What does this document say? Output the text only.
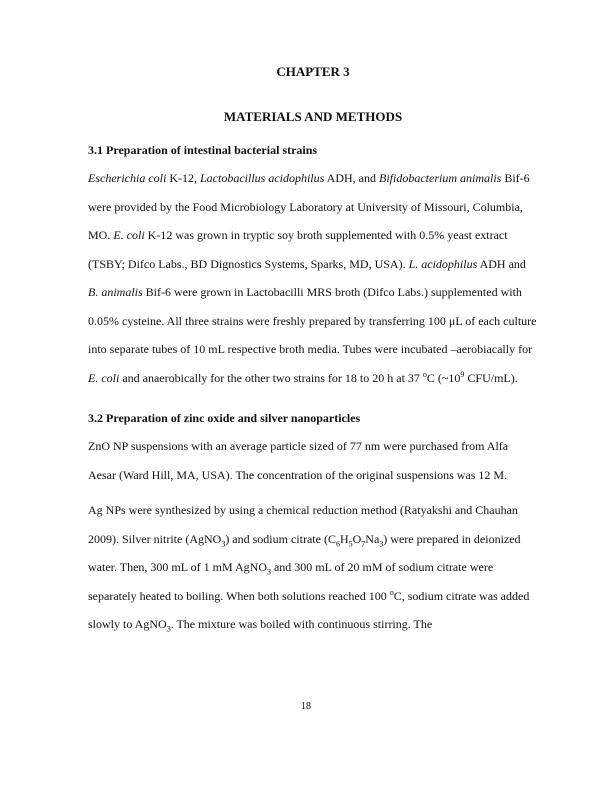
CHAPTER 3
MATERIALS AND METHODS
3.1 Preparation of intestinal bacterial strains

Escherichia coli K-12, Lactobacillus acidophilus ADH, and Bifidobacterium animalis Bif-6 were provided by the Food Microbiology Laboratory at University of Missouri, Columbia, MO. E. coli K-12 was grown in tryptic soy broth supplemented with 0.5% yeast extract (TSBY; Difco Labs., BD Dignostics Systems, Sparks, MD, USA). L. acidophilus ADH and B. animalis Bif-6 were grown in Lactobacilli MRS broth (Difco Labs.) supplemented with 0.05% cysteine. All three strains were freshly prepared by transferring 100 μL of each culture into separate tubes of 10 mL respective broth media. Tubes were incubated –aerobiacally for E. coli and anaerobically for the other two strains for 18 to 20 h at 37 $^o$C ($\sim 10^9$ CFU/mL).

3.2 Preparation of zinc oxide and silver nanoparticles

ZnO NP suspensions with an average particle sized of 77 nm were purchased from Alfa Aesar (Ward Hill, MA, USA). The concentration of the original suspensions was 12 M.

Ag NPs were synthesized by using a chemical reduction method (Ratyakshi and Chauhan 2009). Silver nitrite (AgNO$_3$) and sodium citrate $(C_6H_5O_7Na_3)$ were prepared in deionized water. Then, 300 mL of 1 mM AgNO$_3$ and 300 mL of 20 mM of sodium citrate were separately heated to boiling. When both solutions reached 100 $^o$C, sodium citrate was added slowly to AgNO$_3$. The mixture was boiled with continuous stirring. The

18
